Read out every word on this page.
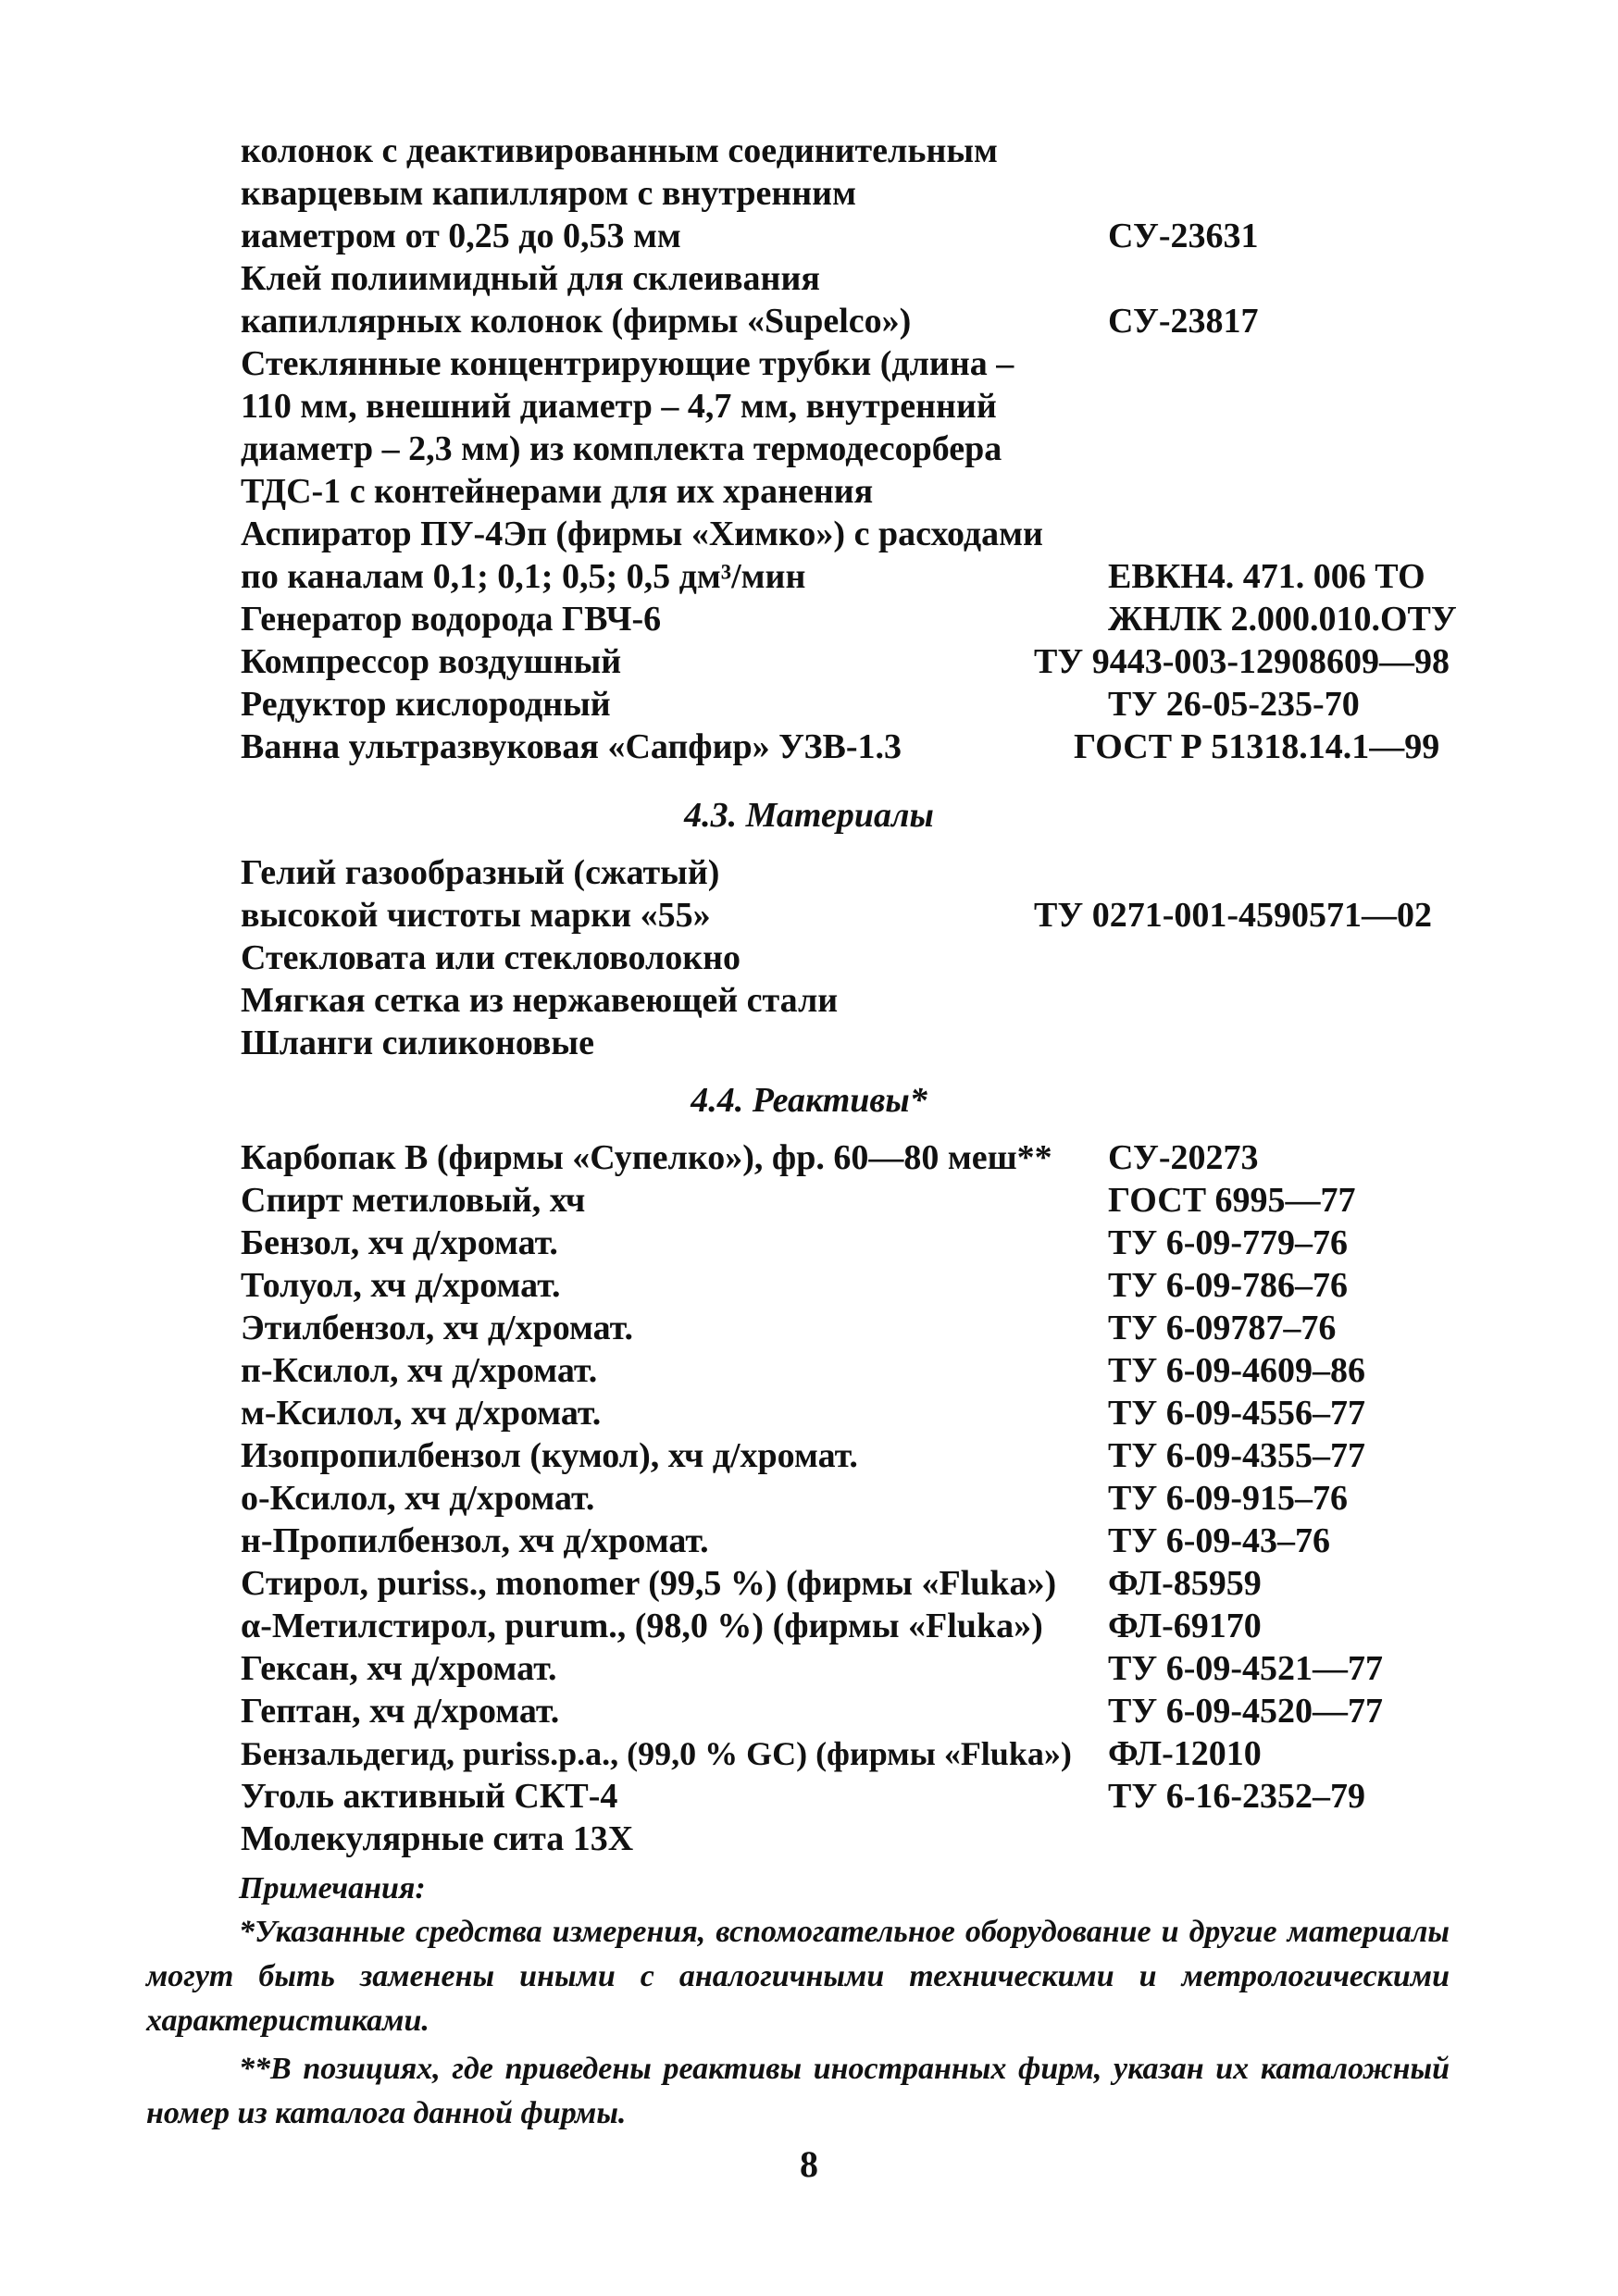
колонок с деактивированным соединительным
кварцевым капилляром с внутренним
иаметром от 0,25 до 0,53 мм	СУ-23631
Клей полиимидный для склеивания
капиллярных колонок (фирмы «Supelco»)	СУ-23817
Стеклянные концентрирующие трубки (длина –
110 мм, внешний диаметр – 4,7 мм, внутренний
диаметр – 2,3 мм) из комплекта термодесорбера
ТДС-1 с контейнерами для их хранения
Аспиратор ПУ-4Эп (фирмы «Химко») с расходами
по каналам 0,1; 0,1; 0,5; 0,5 дм³/мин	ЕВКН4. 471. 006 ТО
Генератор водорода ГВЧ-6	ЖНЛК 2.000.010.ОТУ
Компрессор воздушный	ТУ 9443-003-12908609—98
Редуктор кислородный	ТУ 26-05-235-70
Ванна ультразвуковая «Сапфир» УЗВ-1.3	ГОСТ Р 51318.14.1—99
4.3. Материалы
Гелий газообразный (сжатый)
высокой чистоты марки «55»	ТУ 0271-001-4590571—02
Стекловата или стекловолокно
Мягкая сетка из нержавеющей стали
Шланги силиконовые
4.4. Реактивы*
Карбопак В (фирмы «Супелко»), фр. 60—80 меш** СУ-20273
Спирт метиловый, хч	ГОСТ 6995—77
Бензол, хч д/хромат.	ТУ 6-09-779–76
Толуол, хч д/хромат.	ТУ 6-09-786–76
Этилбензол, хч д/хромат.	ТУ 6-09787–76
п-Ксилол, хч д/хромат.	ТУ 6-09-4609–86
м-Ксилол, хч д/хромат.	ТУ 6-09-4556–77
Изопропилбензол (кумол), хч д/хромат.	ТУ 6-09-4355–77
о-Ксилол, хч д/хромат.	ТУ 6-09-915–76
н-Пропилбензол, хч д/хромат.	ТУ 6-09-43–76
Стирол, puriss., monomer (99,5 %) (фирмы «Fluka») ФЛ-85959
α-Метилстирол, purum., (98,0 %) (фирмы «Fluka») ФЛ-69170
Гексан, хч д/хромат.	ТУ 6-09-4521—77
Гептан, хч д/хромат.	ТУ 6-09-4520—77
Бензальдегид, puriss.p.a., (99,0 % GC) (фирмы «Fluka») ФЛ-12010
Уголь активный СКТ-4	ТУ 6-16-2352–79
Молекулярные сита 13Х
Примечания:
*Указанные средства измерения, вспомогательное оборудование и другие материалы могут быть заменены иными с аналогичными техническими и метрологическими характеристиками.
**В позициях, где приведены реактивы иностранных фирм, указан их каталожный номер из каталога данной фирмы.
8
